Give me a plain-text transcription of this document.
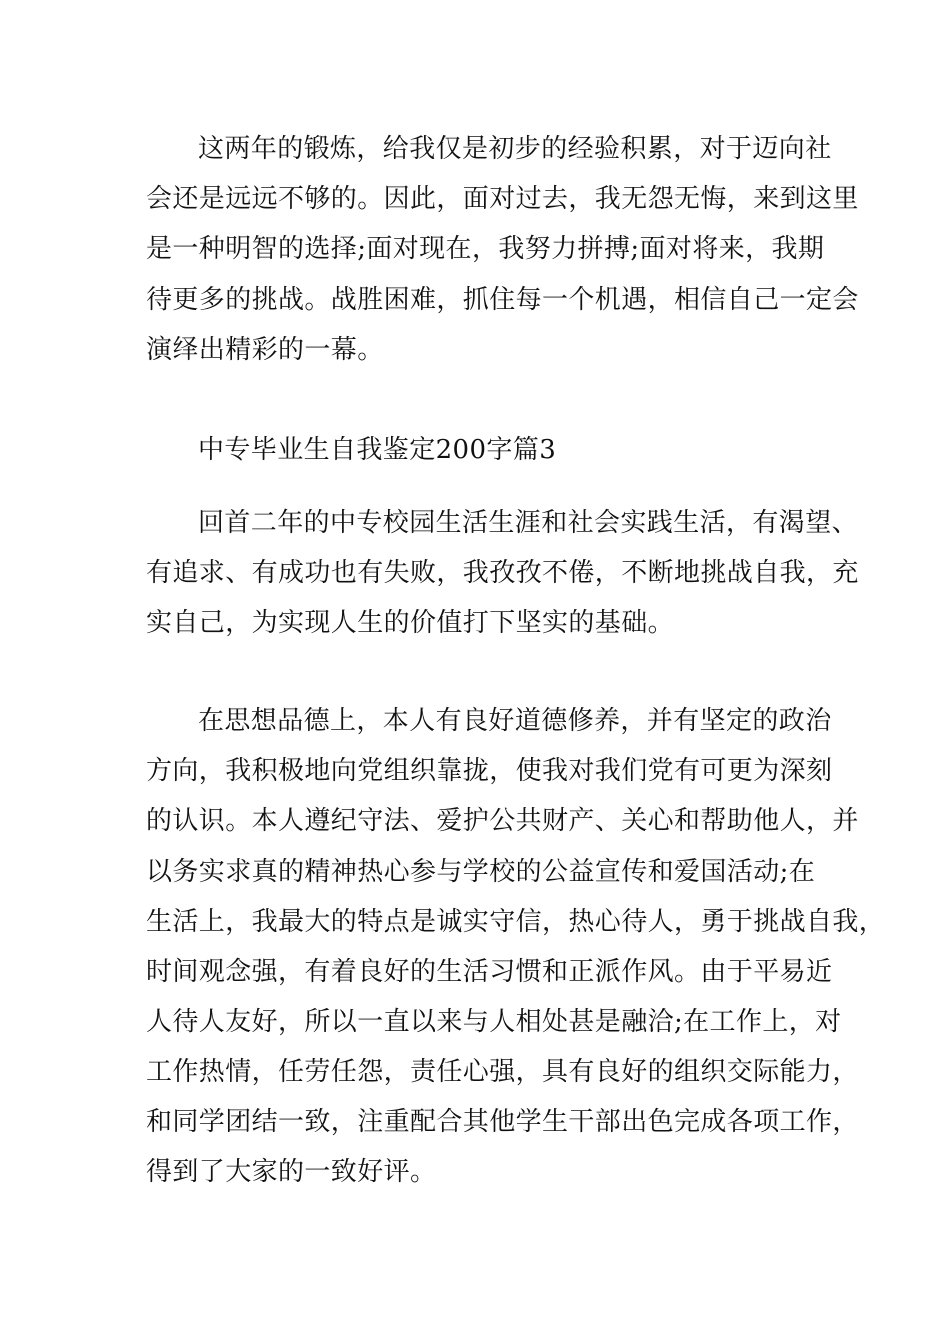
这两年的锻炼，给我仅是初步的经验积累，对于迈向社
会还是远远不够的。因此，面对过去，我无怨无悔，来到这里
是一种明智的选择;面对现在，我努力拼搏;面对将来，我期
待更多的挑战。战胜困难，抓住每一个机遇，相信自己一定会
演绎出精彩的一幕。
中专毕业生自我鉴定200字篇3
回首二年的中专校园生活生涯和社会实践生活，有渴望、
有追求、有成功也有失败，我孜孜不倦，不断地挑战自我，充
实自己，为实现人生的价值打下坚实的基础。
在思想品德上，本人有良好道德修养，并有坚定的政治
方向，我积极地向党组织靠拢，使我对我们党有可更为深刻
的认识。本人遵纪守法、爱护公共财产、关心和帮助他人，并
以务实求真的精神热心参与学校的公益宣传和爱国活动;在
生活上，我最大的特点是诚实守信，热心待人，勇于挑战自我，
时间观念强，有着良好的生活习惯和正派作风。由于平易近
人待人友好，所以一直以来与人相处甚是融洽;在工作上，对
工作热情，任劳任怨，责任心强，具有良好的组织交际能力，
和同学团结一致，注重配合其他学生干部出色完成各项工作，
得到了大家的一致好评。
